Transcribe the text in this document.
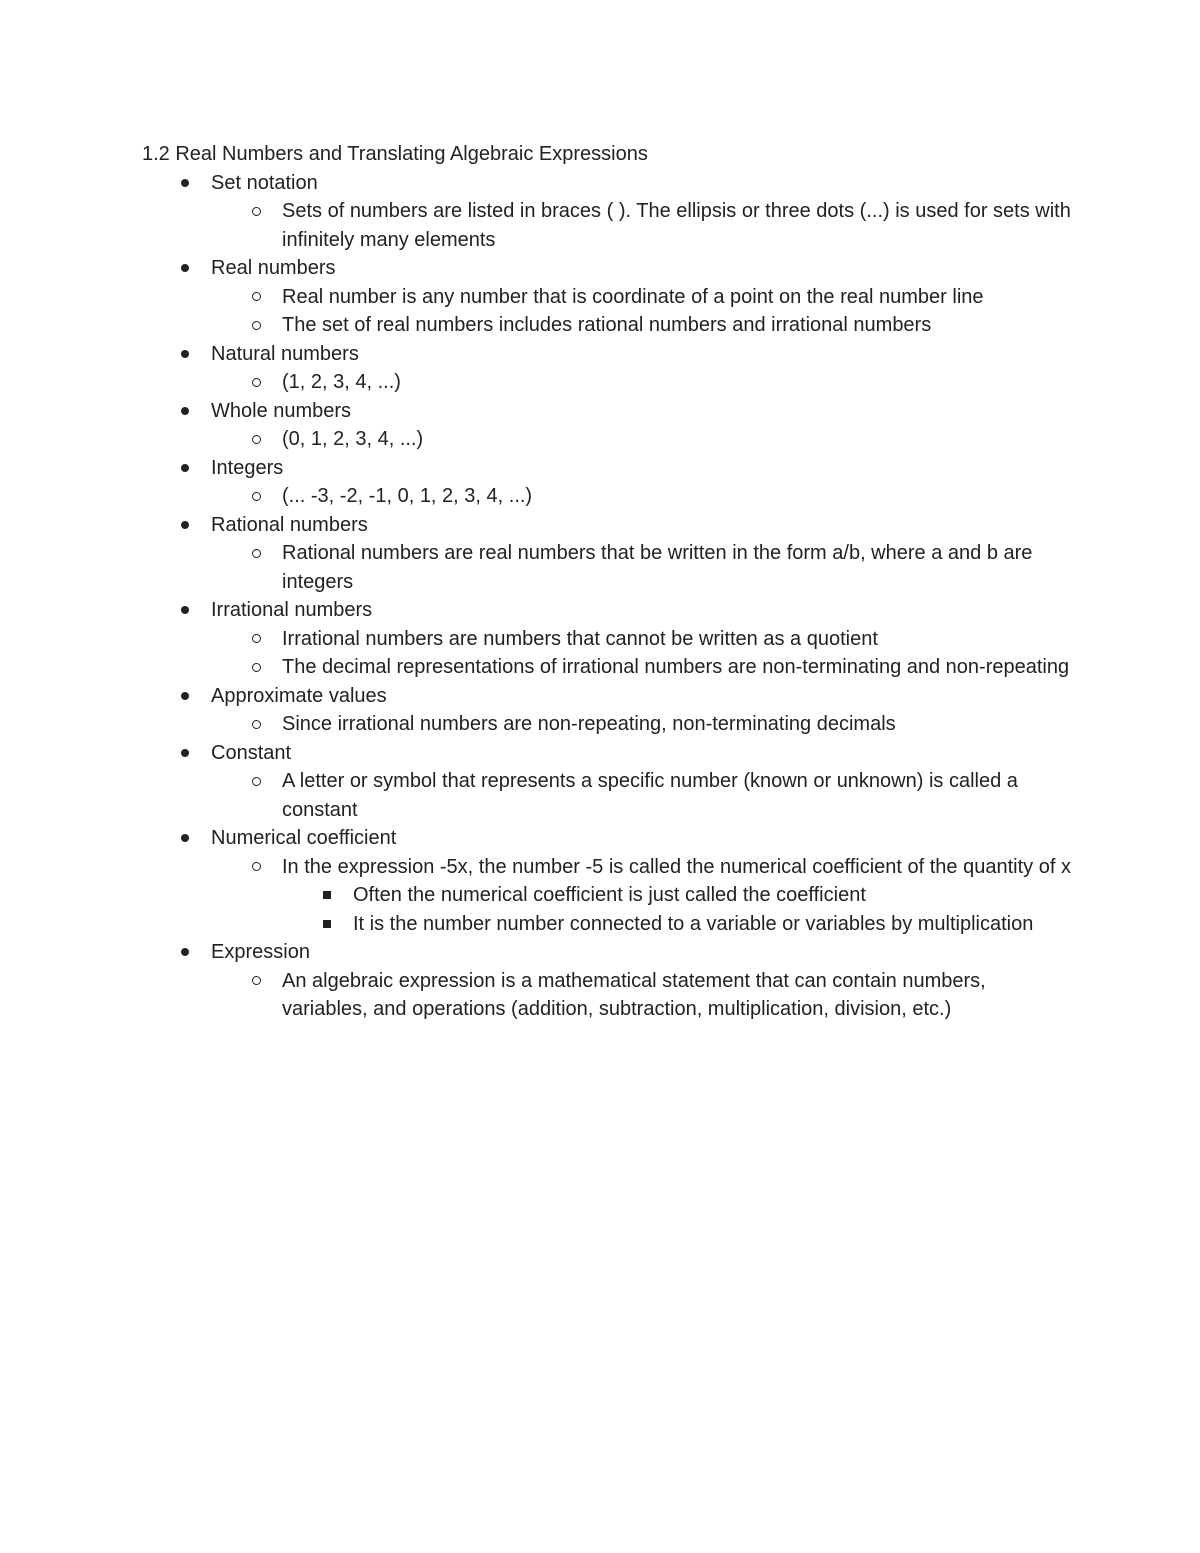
1.2 Real Numbers and Translating Algebraic Expressions
Set notation
Sets of numbers are listed in braces ( ). The ellipsis or three dots (...) is used for sets with infinitely many elements
Real numbers
Real number is any number that is coordinate of a point on the real number line
The set of real numbers includes rational numbers and irrational numbers
Natural numbers
(1, 2, 3, 4, ...)
Whole numbers
(0, 1, 2, 3, 4, ...)
Integers
(... -3, -2, -1, 0, 1, 2, 3, 4, ...)
Rational numbers
Rational numbers are real numbers that be written in the form a/b, where a and b are integers
Irrational numbers
Irrational numbers are numbers that cannot be written as a quotient
The decimal representations of irrational numbers are non-terminating and non-repeating
Approximate values
Since irrational numbers are non-repeating, non-terminating decimals
Constant
A letter or symbol that represents a specific number (known or unknown) is called a constant
Numerical coefficient
In the expression -5x, the number -5 is called the numerical coefficient of the quantity of x
Often the numerical coefficient is just called the coefficient
It is the number number connected to a variable or variables by multiplication
Expression
An algebraic expression is a mathematical statement that can contain numbers, variables, and operations (addition, subtraction, multiplication, division, etc.)
